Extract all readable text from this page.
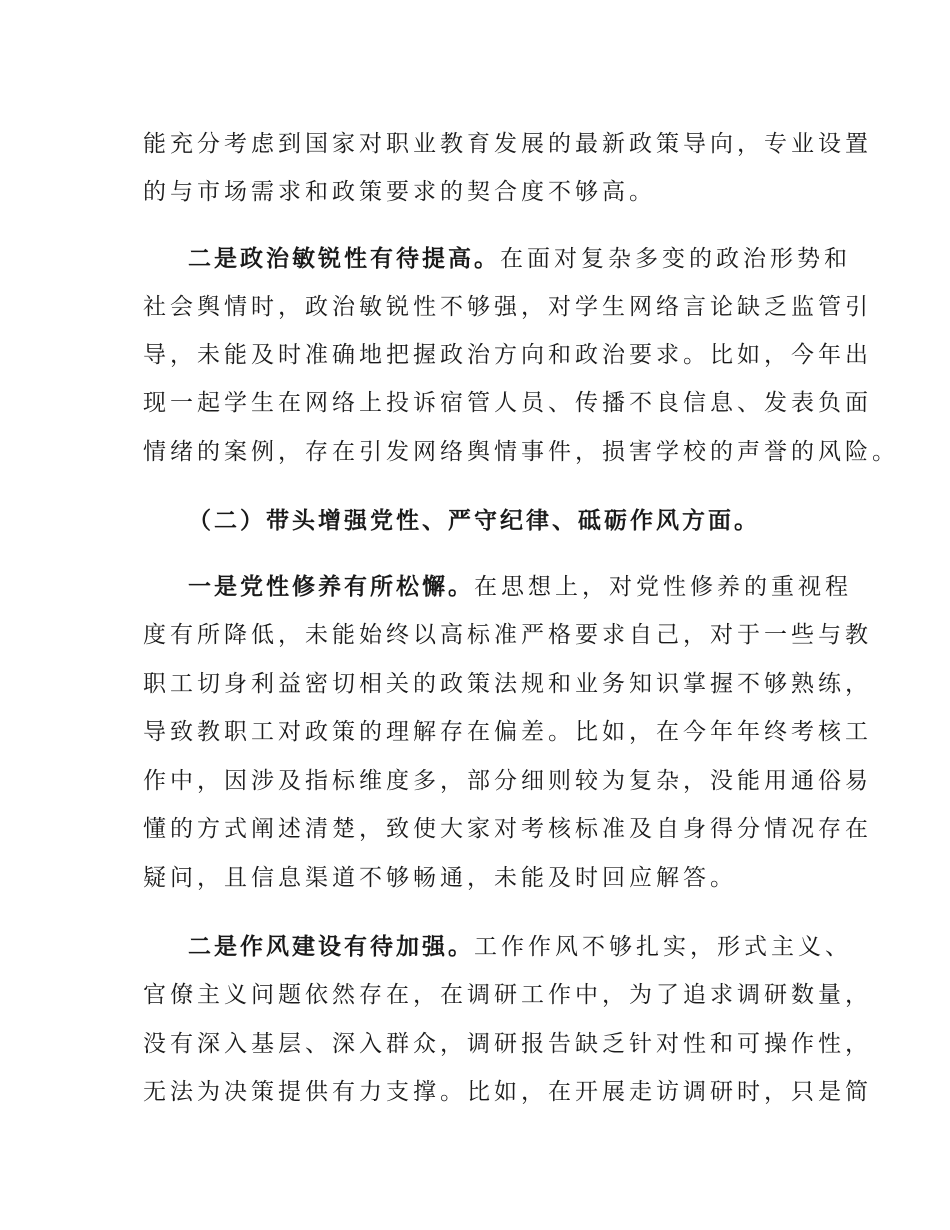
能充分考虑到国家对职业教育发展的最新政策导向，专业设置
的与市场需求和政策要求的契合度不够高。
二是政治敏锐性有待提高。在面对复杂多变的政治形势和
社会舆情时，政治敏锐性不够强，对学生网络言论缺乏监管引
导，未能及时准确地把握政治方向和政治要求。比如，今年出
现一起学生在网络上投诉宿管人员、传播不良信息、发表负面
情绪的案例，存在引发网络舆情事件，损害学校的声誉的风险。
（二）带头增强党性、严守纪律、砥砺作风方面。
一是党性修养有所松懈。在思想上，对党性修养的重视程
度有所降低，未能始终以高标准严格要求自己，对于一些与教
职工切身利益密切相关的政策法规和业务知识掌握不够熟练，
导致教职工对政策的理解存在偏差。比如，在今年年终考核工
作中，因涉及指标维度多，部分细则较为复杂，没能用通俗易
懂的方式阐述清楚，致使大家对考核标准及自身得分情况存在
疑问，且信息渠道不够畅通，未能及时回应解答。
二是作风建设有待加强。工作作风不够扎实，形式主义、
官僚主义问题依然存在，在调研工作中，为了追求调研数量，
没有深入基层、深入群众，调研报告缺乏针对性和可操作性，
无法为决策提供有力支撑。比如，在开展走访调研时，只是简
